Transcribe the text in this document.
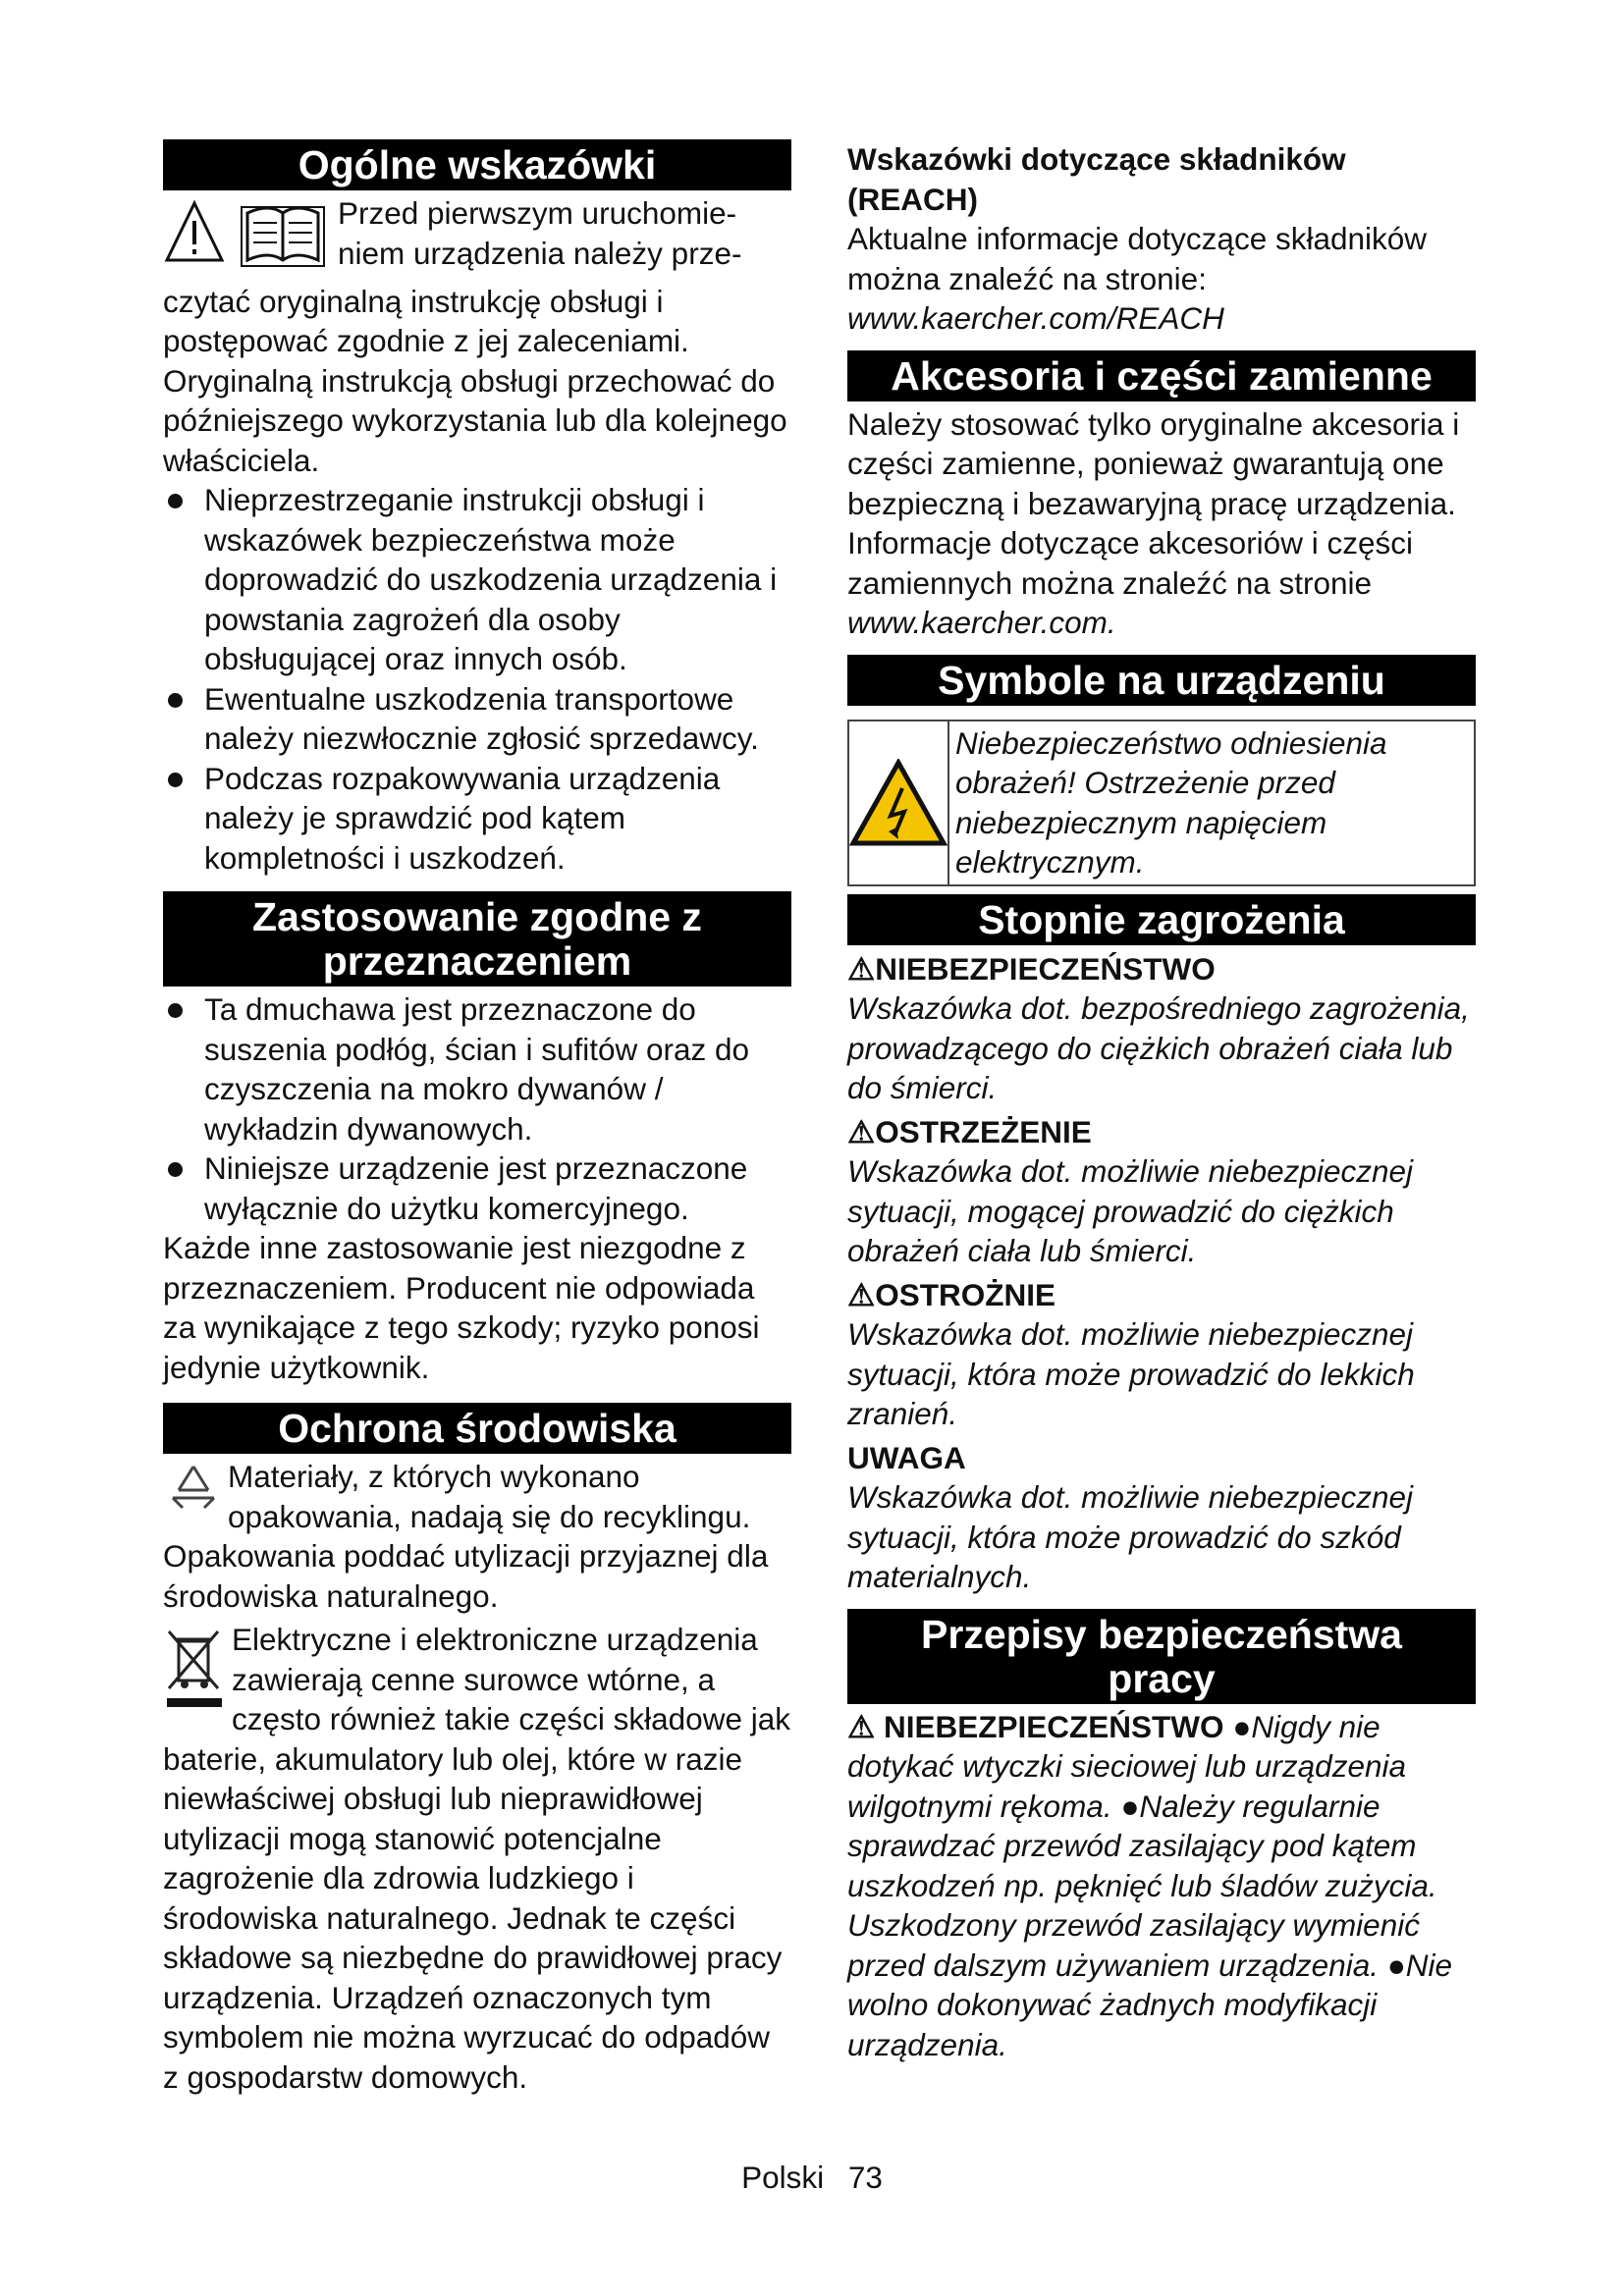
Ogólne wskazówki

Przed pierwszym uruchomie-

niem urządzenia należy prze-

czytać oryginalną instrukcję obsługi i postępować zgodnie z jej zaleceniami. Oryginalną instrukcją obsługi przechować do późniejszego wykorzystania lub dla kolejnego właściciela.

Nieprzestrzeganie instrukcji obsługi i wskazówek bezpieczeństwa może doprowadzić do uszkodzenia urządzenia i powstania zagrożeń dla osoby obsługującej oraz innych osób.

Ewentualne uszkodzenia transportowe należy niezwłocznie zgłosić sprzedawcy.

Podczas rozpakowywania urządzenia należy je sprawdzić pod kątem kompletności i uszkodzeń.

Zastosowanie zgodne z przeznaczeniem

Ta dmuchawa jest przeznaczone do suszenia podłóg, ścian i sufitów oraz do czyszczenia na mokro dywanów / wykładzin dywanowych.

Niniejsze urządzenie jest przeznaczone wyłącznie do użytku komercyjnego.

Każde inne zastosowanie jest niezgodne z przeznaczeniem. Producent nie odpowiada za wynikające z tego szkody; ryzyko ponosi jedynie użytkownik.

Ochrona środowiska

Materiały, z których wykonano opakowania, nadają się do recyklingu. Opakowania poddać utylizacji przyjaznej dla środowiska naturalnego.

Elektryczne i elektroniczne urządzenia zawierają cenne surowce wtórne, a często również takie części składowe jak baterie, akumulatory lub olej, które w razie niewłaściwej obsługi lub nieprawidłowej utylizacji mogą stanowić potencjalne zagrożenie dla zdrowia ludzkiego i środowiska naturalnego. Jednak te części składowe są niezbędne do prawidłowej pracy urządzenia. Urządzeń oznaczonych tym symbolem nie można wyrzucać do odpadów z gospodarstw domowych.

Wskazówki dotyczące składników (REACH)

Aktualne informacje dotyczące składników można znaleźć na stronie: www.kaercher.com/REACH

Akcesoria i części zamienne

Należy stosować tylko oryginalne akcesoria i części zamienne, ponieważ gwarantują one bezpieczną i bezawaryjną pracę urządzenia.

Informacje dotyczące akcesoriów i części zamiennych można znaleźć na stronie

www.kaercher.com.

Symbole na urządzeniu
Niebezpieczeństwo odniesienia obrażeń! Ostrzeżenie przed niebezpiecznym napięciem elektrycznym.
Stopnie zagrożenia

⚠NIEBEZPIECZEŃSTWO

Wskazówka dot. bezpośredniego zagrożenia, prowadzącego do ciężkich obrażeń ciała lub do śmierci.

⚠OSTRZEŻENIE

Wskazówka dot. możliwie niebezpiecznej sytuacji, mogącej prowadzić do ciężkich obrażeń ciała lub śmierci.

⚠OSTROŻNIE

Wskazówka dot. możliwie niebezpiecznej sytuacji, która może prowadzić do lekkich zranień.

UWAGA

Wskazówka dot. możliwie niebezpiecznej sytuacji, która może prowadzić do szkód materialnych.

Przepisy bezpieczeństwa pracy

⚠ NIEBEZPIECZEŃSTWO ●Nigdy nie dotykać wtyczki sieciowej lub urządzenia wilgotnymi rękoma. ●Należy regularnie sprawdzać przewód zasilający pod kątem uszkodzeń np. pęknięć lub śladów zużycia. Uszkodzony przewód zasilający wymienić przed dalszym używaniem urządzenia. ●Nie wolno dokonywać żadnych modyfikacji urządzenia.

Polski 73
